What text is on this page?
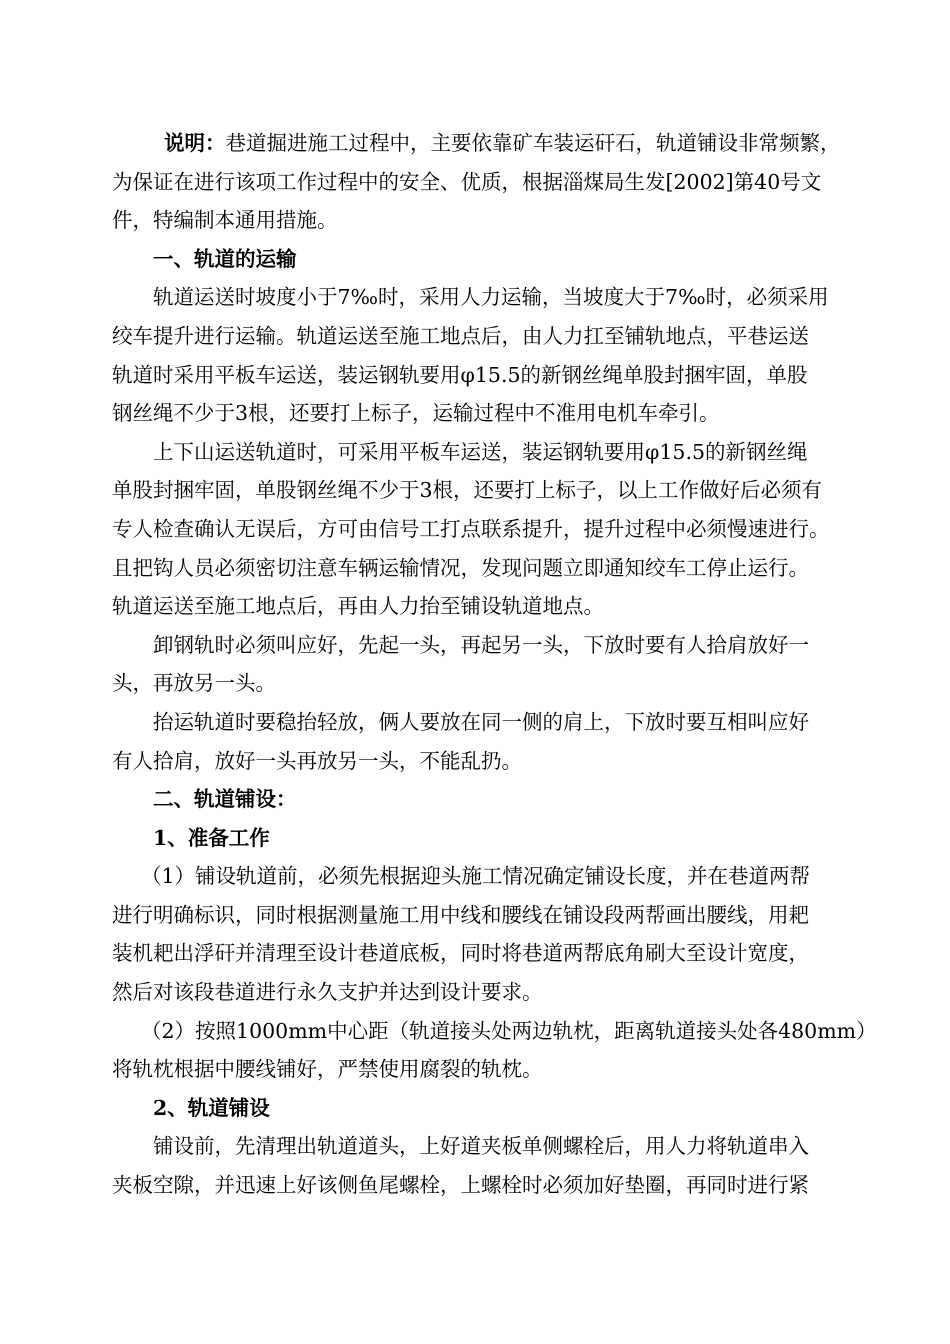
说明：巷道掘进施工过程中，主要依靠矿车装运矸石，轨道铺设非常频繁，
为保证在进行该项工作过程中的安全、优质，根据淄煤局生发[2002]第40号文
件，特编制本通用措施。
一、轨道的运输
轨道运送时坡度小于7‰时，采用人力运输，当坡度大于7‰时，必须采用
绞车提升进行运输。轨道运送至施工地点后，由人力扛至铺轨地点，平巷运送
轨道时采用平板车运送，装运钢轨要用φ15.5的新钢丝绳单股封捆牢固，单股
钢丝绳不少于3根，还要打上标子，运输过程中不准用电机车牵引。
上下山运送轨道时，可采用平板车运送，装运钢轨要用φ15.5的新钢丝绳
单股封捆牢固，单股钢丝绳不少于3根，还要打上标子，以上工作做好后必须有
专人检查确认无误后，方可由信号工打点联系提升，提升过程中必须慢速进行。
且把钩人员必须密切注意车辆运输情况，发现问题立即通知绞车工停止运行。
轨道运送至施工地点后，再由人力抬至铺设轨道地点。
卸钢轨时必须叫应好，先起一头，再起另一头，下放时要有人拾肩放好一
头，再放另一头。
抬运轨道时要稳抬轻放，俩人要放在同一侧的肩上，下放时要互相叫应好
有人拾肩，放好一头再放另一头，不能乱扔。
二、轨道铺设：
1、准备工作
（1）铺设轨道前，必须先根据迎头施工情况确定铺设长度，并在巷道两帮
进行明确标识，同时根据测量施工用中线和腰线在铺设段两帮画出腰线，用耙
装机耙出浮矸并清理至设计巷道底板，同时将巷道两帮底角刷大至设计宽度，
然后对该段巷道进行永久支护并达到设计要求。
（2）按照1000mm中心距（轨道接头处两边轨枕，距离轨道接头处各480mm）
将轨枕根据中腰线铺好，严禁使用腐裂的轨枕。
2、轨道铺设
铺设前，先清理出轨道道头，上好道夹板单侧螺栓后，用人力将轨道串入
夹板空隙，并迅速上好该侧鱼尾螺栓，上螺栓时必须加好垫圈，再同时进行紧
